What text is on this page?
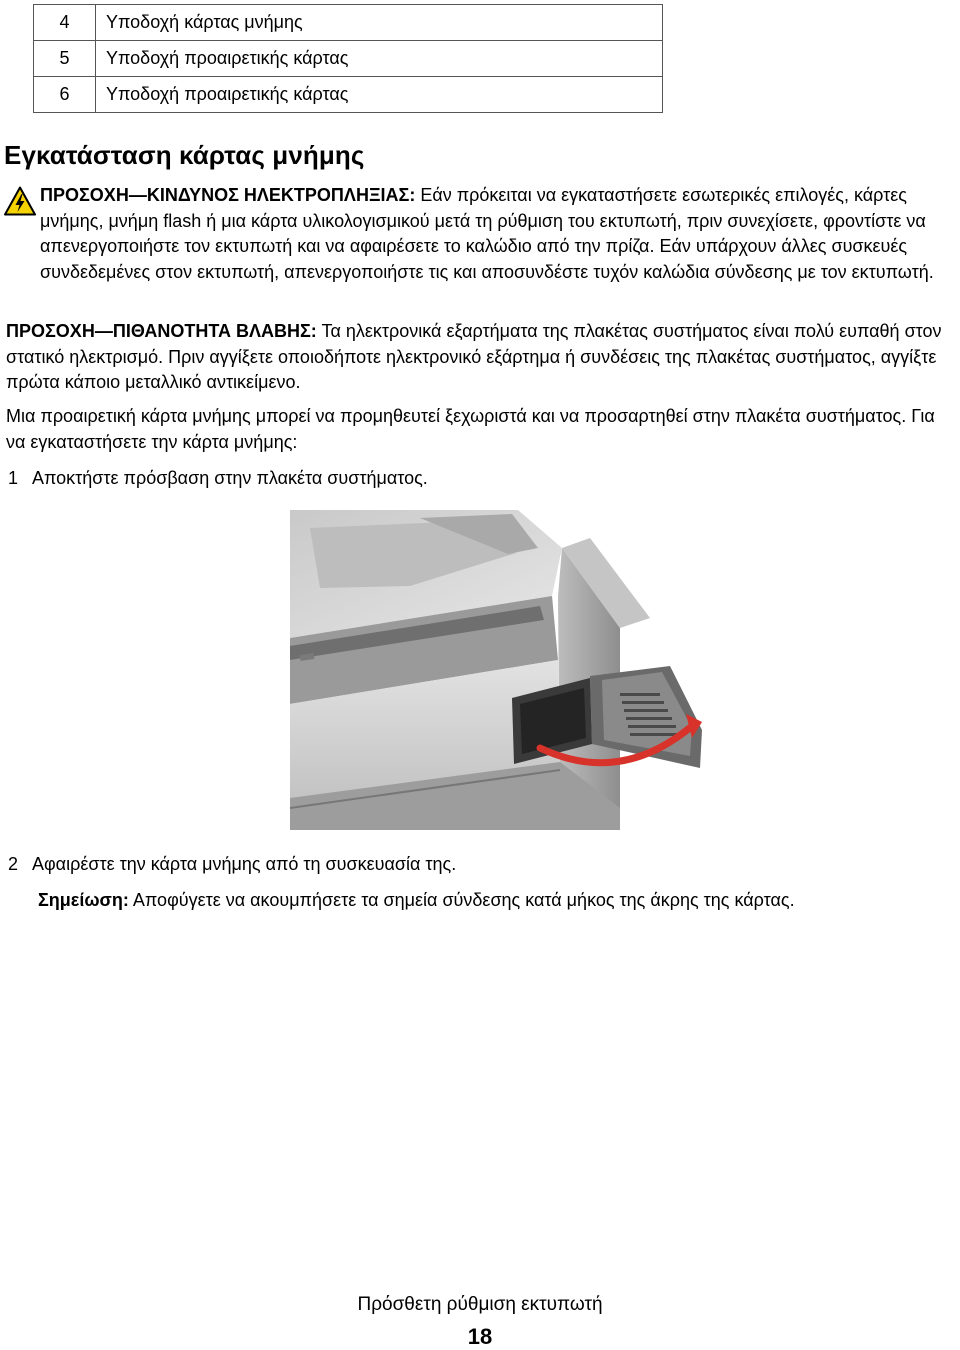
4	Υποδοχή κάρτας μνήμης
5	Υποδοχή προαιρετικής κάρτας
6	Υποδοχή προαιρετικής κάρτας
Εγκατάσταση κάρτας μνήμης

ΠΡΟΣΟΧΗ—ΚΙΝΔΥΝΟΣ ΗΛΕΚΤΡΟΠΛΗΞΙΑΣ: Εάν πρόκειται να εγκαταστήσετε εσωτερικές επιλογές, κάρτες μνήμης, μνήμη flash ή μια κάρτα υλικολογισμικού μετά τη ρύθμιση του εκτυπωτή, πριν συνεχίσετε, φροντίστε να απενεργοποιήστε τον εκτυπωτή και να αφαιρέσετε το καλώδιο από την πρίζα. Εάν υπάρχουν άλλες συσκευές συνδεδεμένες στον εκτυπωτή, απενεργοποιήστε τις και αποσυνδέστε τυχόν καλώδια σύνδεσης με τον εκτυπωτή.

ΠΡΟΣΟΧΗ—ΠΙΘΑΝΟΤΗΤΑ ΒΛΑΒΗΣ: Τα ηλεκτρονικά εξαρτήματα της πλακέτας συστήματος είναι πολύ ευπαθή στον στατικό ηλεκτρισμό. Πριν αγγίξετε οποιοδήποτε ηλεκτρονικό εξάρτημα ή συνδέσεις της πλακέτας συστήματος, αγγίξτε πρώτα κάποιο μεταλλικό αντικείμενο.

Μια προαιρετική κάρτα μνήμης μπορεί να προμηθευτεί ξεχωριστά και να προσαρτηθεί στην πλακέτα συστήματος. Για να εγκαταστήσετε την κάρτα μνήμης:

1 Αποκτήστε πρόσβαση στην πλακέτα συστήματος.
2 Αφαιρέστε την κάρτα μνήμης από τη συσκευασία της.
Σημείωση: Αποφύγετε να ακουμπήσετε τα σημεία σύνδεσης κατά μήκος της άκρης της κάρτας.
Πρόσθετη ρύθμιση εκτυπωτή
18
